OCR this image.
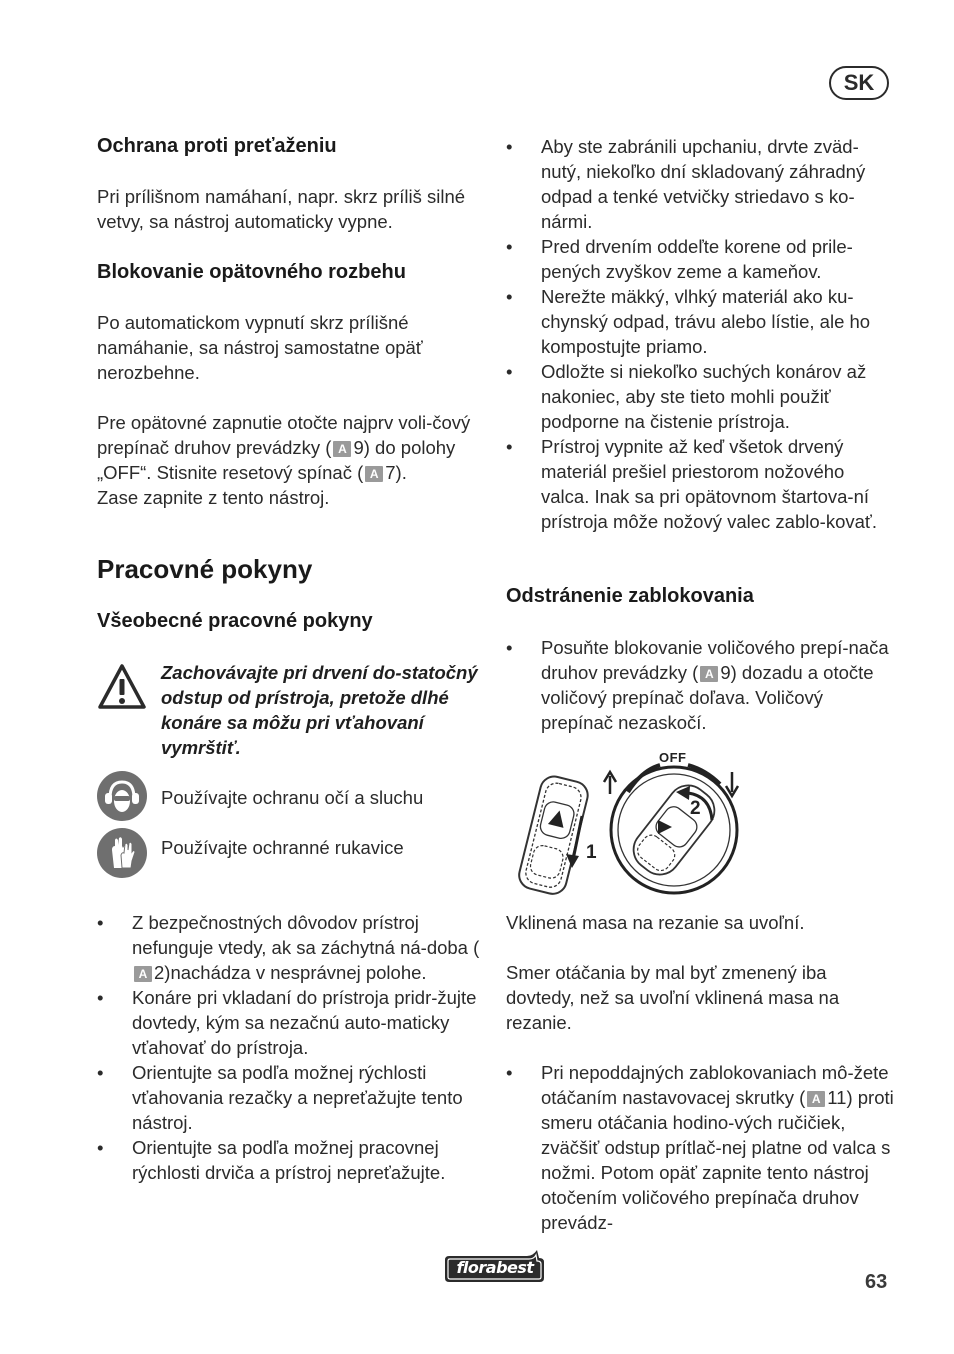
SK
Ochrana proti preťaženiu
Pri prílišnom namáhaní, napr. skrz príliš silné vetvy, sa nástroj automaticky vypne.
Blokovanie opätovného rozbehu
Po automatickom vypnutí skrz prílišné namáhanie, sa nástroj samostatne opäť nerozbehne.
Pre opätovné zapnutie otočte najprv voli-čový prepínač druhov prevádzky ( A 9) do polohy „OFF“. Stisnite resetový spínač ( A 7).
Zase zapnite z tento nástroj.
Pracovné pokyny
Všeobecné pracovné pokyny
Zachovávajte pri drvení do-statočný odstup od prístroja, pretože dlhé konáre sa môžu pri vťahovaní vymrštiť.
Používajte ochranu očí a sluchu
Používajte ochranné rukavice
• Z bezpečnostných dôvodov prístroj nefunguje vtedy, ak sa záchytná ná-doba (A 2)nachádza v nesprávnej polohe.
• Konáre pri vkladaní do prístroja pridr-žujte dovtedy, kým sa nezačnú auto-maticky vťahovať do prístroja.
• Orientujte sa podľa možnej rýchlosti vťahovania rezačky a nepreťažujte tento nástroj.
• Orientujte sa podľa možnej pracovnej rýchlosti drviča a prístroj nepreťažujte.
• Aby ste zabránili upchaniu, drvte zväd-nutý, niekoľko dní skladovaný záhradný odpad a tenké vetvičky striedavo s ko-nármi.
• Pred drvením oddeľte korene od prile-pených zvyškov zeme a kameňov.
• Nerežte mäkký, vlhký materiál ako ku-chynský odpad, trávu alebo lístie, ale ho kompostujte priamo.
• Odložte si niekoľko suchých konárov až nakoniec, aby ste tieto mohli použiť podporne na čistenie prístroja.
• Prístroj vypnite až keď všetok drvený materiál prešiel priestorom nožového valca. Inak sa pri opätovnom štartova-ní prístroja môže nožový valec zablo-kovať.
Odstránenie zablokovania
• Posuňte blokovanie voličového prepí-nača druhov prevádzky ( A 9) dozadu a otočte voličový prepínač doľava. Voličový prepínač nezaskočí.
OFF
1
2
Vklinená masa na rezanie sa uvoľní.
Smer otáčania by mal byť zmenený iba dovtedy, než sa uvoľní vklinená masa na rezanie.
• Pri nepoddajných zablokovaniach mô-žete otáčaním nastavovacej skrutky ( A 11) proti smeru otáčania hodino-vých ručičiek, zväčšiť odstup prítlač-nej platne od valca s nožmi. Potom opäť zapnite tento nástroj otočením voličového prepínača druhov prevádz-
florabest
63
